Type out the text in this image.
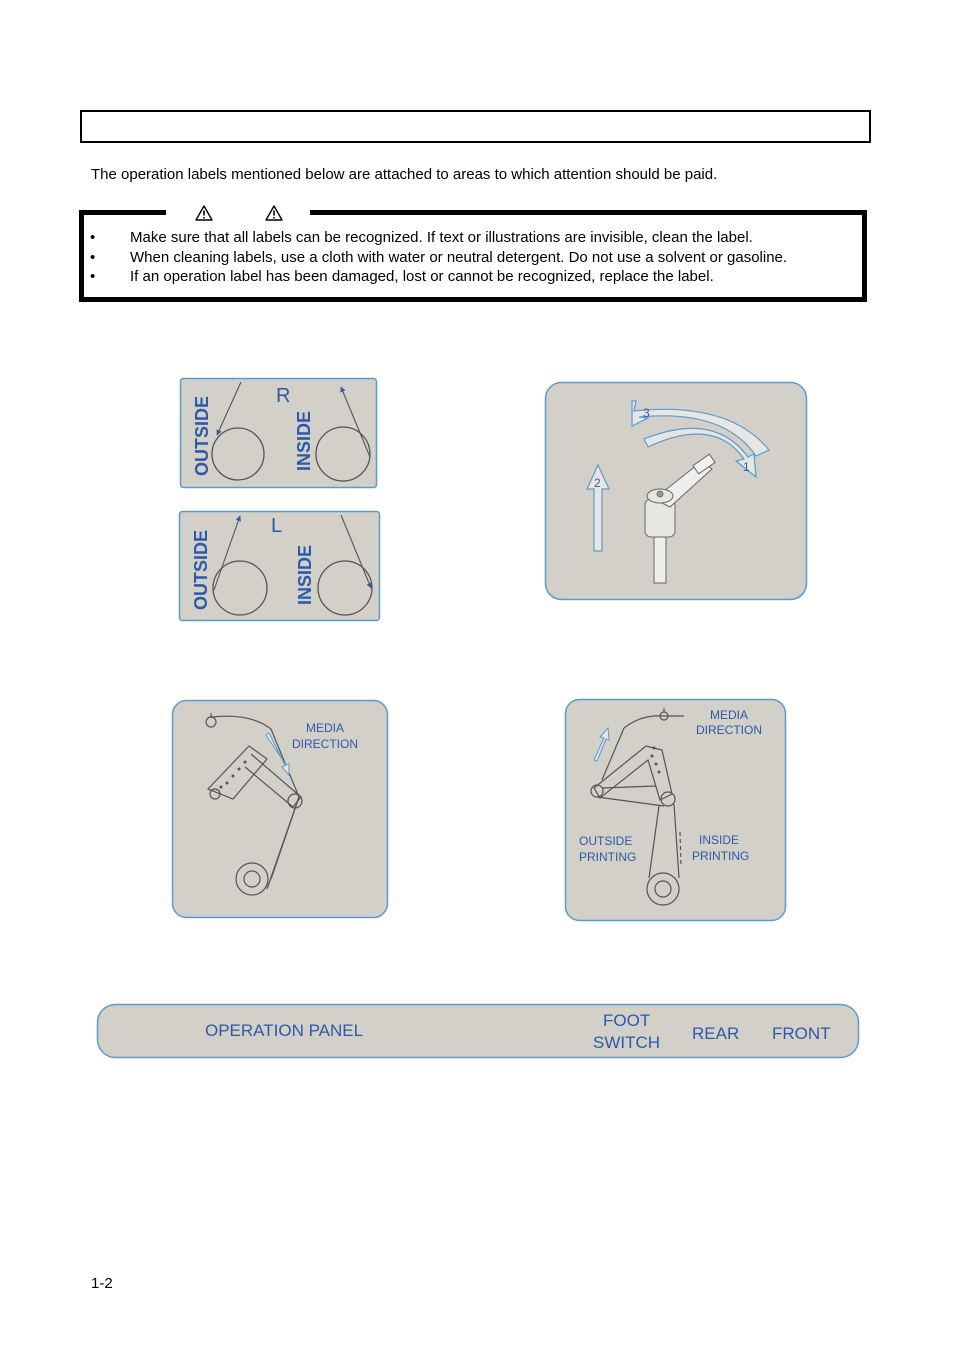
The operation labels mentioned below are attached to areas to which attention should be paid.
• Make sure that all labels can be recognized. If text or illustrations are invisible, clean the label.
• When cleaning labels, use a cloth with water or neutral detergent. Do not use a solvent or gasoline.
• If an operation label has been damaged, lost or cannot be recognized, replace the label.
R
OUTSIDE	INSIDE
L
OUTSIDE	INSIDE
3
1
2
MEDIA
DIRECTION
MEDIA
DIRECTION
OUTSIDE
PRINTING
INSIDE
PRINTING
OPERATION PANEL
FOOT
SWITCH REAR FRONT
1-2
